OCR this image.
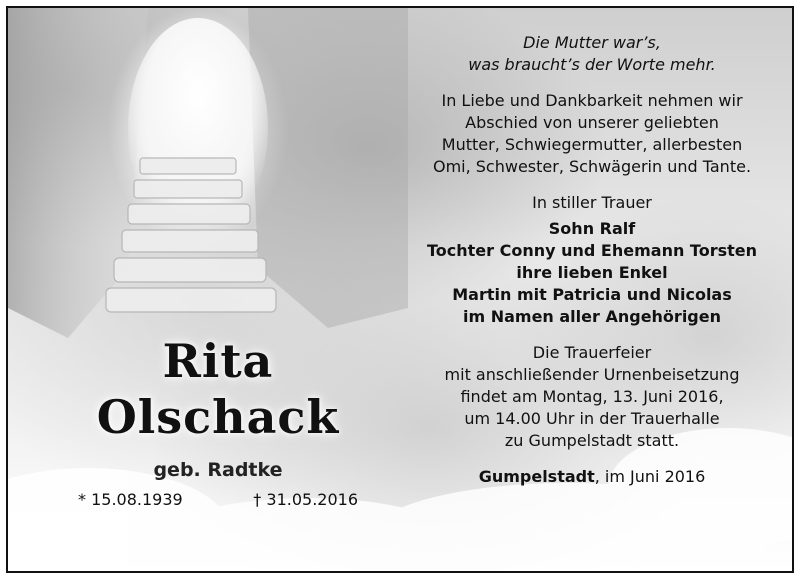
Die Mutter war’s,

was braucht’s der Worte mehr.

In Liebe und Dankbarkeit nehmen wir

Abschied von unserer geliebten

Mutter, Schwiegermutter, allerbesten

Omi, Schwester, Schwägerin und Tante.

In stiller Trauer

Sohn Ralf

Tochter Conny und Ehemann Torsten

ihre lieben Enkel

Martin mit Patricia und Nicolas

im Namen aller Angehörigen

Die Trauerfeier

mit anschließender Urnenbeisetzung

findet am Montag, 13. Juni 2016,

um 14.00 Uhr in der Trauerhalle

zu Gumpelstadt statt.

Gumpelstadt, im Juni 2016

Rita
Olschack
geb. Radtke
* 15.08.1939	† 31.05.2016
